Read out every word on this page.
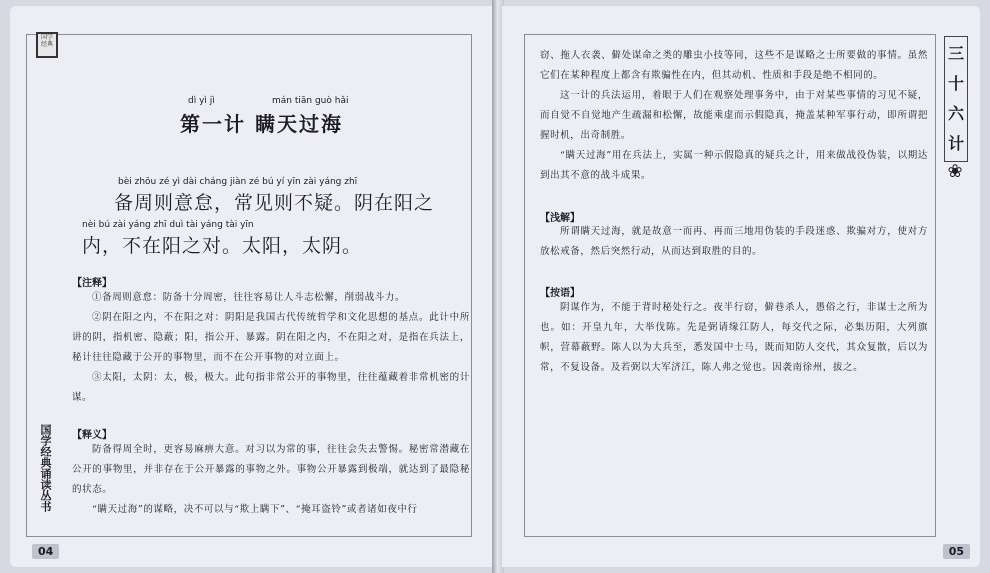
国学
经典
dì yì jì	mán tiān guò hǎi
第一计 瞒天过海
bèi zhōu zé yì dài cháng jiàn zé bú yí yīn zài yáng zhī
备周则意怠，常见则不疑。阴在阳之
nèi bú zài yáng zhī duì tài yáng tài yīn
内，不在阳之对。太阳，太阴。
【注释】
①备周则意怠：防备十分周密，往往容易让人斗志松懈，削弱战斗力。
②阴在阳之内，不在阳之对：阴阳是我国古代传统哲学和文化思想的基点。此计中所讲的阴，指机密、隐蔽；阳，指公开、暴露。阴在阳之内，不在阳之对，是指在兵法上，秘计往往隐藏于公开的事物里，而不在公开事物的对立面上。
③太阳，太阴：太，极，极大。此句指非常公开的事物里，往往蕴藏着非常机密的计谋。
【释义】
防备得周全时，更容易麻痹大意。对习以为常的事，往往会失去警惕。秘密常潜藏在公开的事物里，并非存在于公开暴露的事物之外。事物公开暴露到极端，就达到了最隐秘的状态。
“瞒天过海”的谋略，决不可以与“欺上瞒下”、“掩耳盗铃”或者诸如夜中行
国学经典诵读丛书
04
窃、拖人衣袭、僻处谋命之类的雕虫小技等同，这些不是谋略之士所要做的事情。虽然它们在某种程度上都含有欺骗性在内，但其动机、性质和手段是绝不相同的。
这一计的兵法运用，着眼于人们在观察处理事务中，由于对某些事情的习见不疑，而自觉不自觉地产生疏漏和松懈，故能乘虚而示假隐真，掩盖某种军事行动，即所谓把握时机，出奇制胜。
“瞒天过海”用在兵法上，实属一种示假隐真的疑兵之计，用来做战役伪装，以期达到出其不意的战斗成果。
【浅解】
所谓瞒天过海，就是故意一而再、再而三地用伪装的手段迷惑、欺骗对方，使对方放松戒备，然后突然行动，从而达到取胜的目的。
【按语】
阴谋作为，不能于背时秘处行之。夜半行窃，僻巷杀人，愚俗之行，非谋士之所为也。如：开皇九年，大举伐陈。先是弼请缘江防人，每交代之际，必集历阳，大列旗帜，营幕蔽野。陈人以为大兵至，悉发国中士马，既而知防人交代，其众复散，后以为常，不复设备。及若弼以大军济江，陈人弗之觉也。因袭南徐州，拔之。
三
十
六
计
❀
05
